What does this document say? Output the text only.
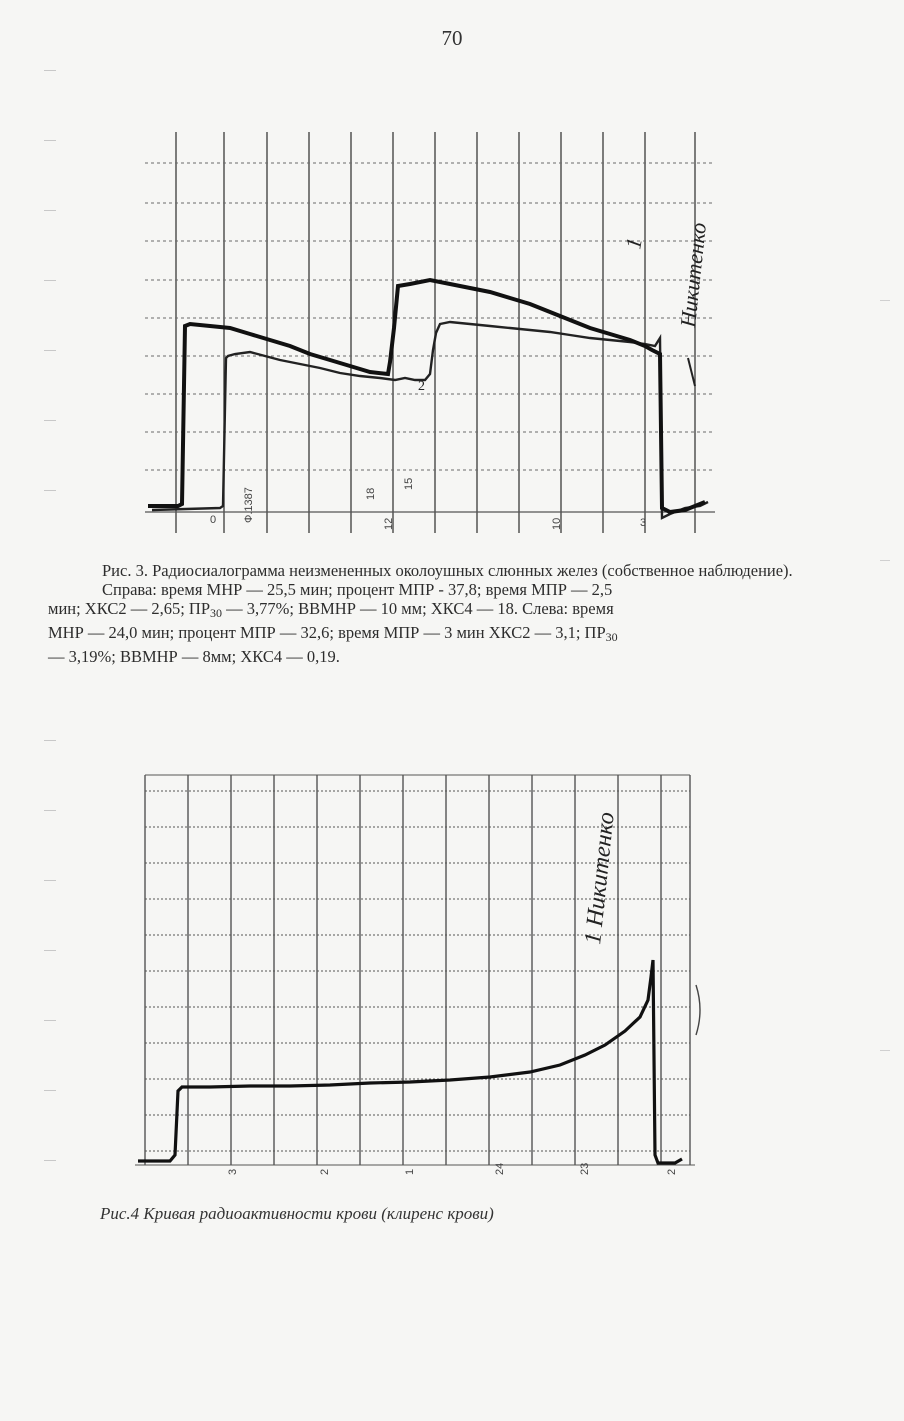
70
1
2
Никитенко
0 Ф.1387
12
15
18
10	3

Рис. 3. Радиосиалограмма неизмененных околоушных слюнных желез (собственное наблюдение).

Справа: время МНР — 25,5 мин; процент МПР - 37,8; время МПР — 2,5

мин; ХКС2 — 2,65; $ПР_{30}$ — 3,77%; ВВМНР — 10 мм; ХКС4 — 18. Слева: время

МНР — 24,0 мин; процент МПР — 32,6; время МПР — 3 мин ХКС2 — 3,1; $ПР_{30}$

— 3,19%; ВВМНР — 8мм; ХКС4 — 0,19.

1 Никитенко
3	2	1	24	23	2
Рис.4 Кривая радиоактивности крови (клиренс крови)
